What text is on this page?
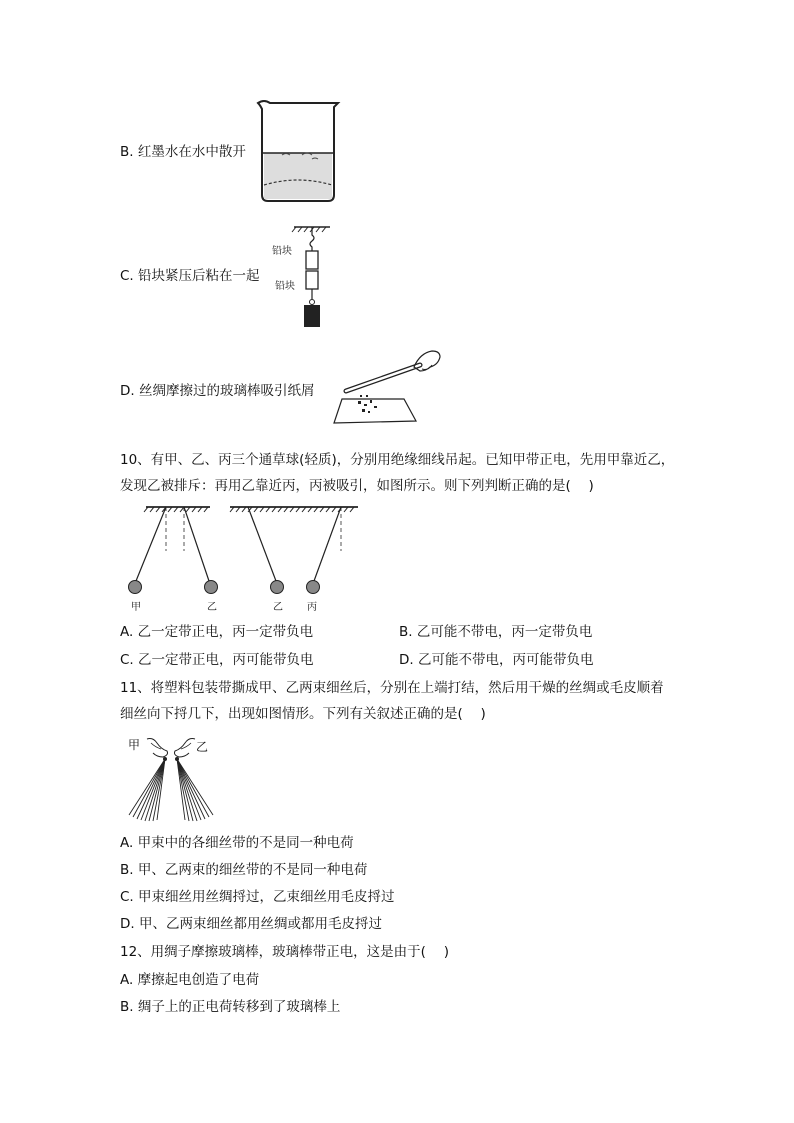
B. 红墨水在水中散开
铅块
铅块
C. 铅块紧压后粘在一起
D. 丝绸摩擦过的玻璃棒吸引纸屑
10、有甲、乙、丙三个通草球(轻质)，分别用绝缘细线吊起。已知甲带正电，先用甲靠近乙，
发现乙被排斥：再用乙靠近丙，丙被吸引，如图所示。则下列判断正确的是(　 )
甲	乙	乙 丙
A. 乙一定带正电，丙一定带负电	B. 乙可能不带电，丙一定带负电
C. 乙一定带正电，丙可能带负电	D. 乙可能不带电，丙可能带负电
11、将塑料包装带撕成甲、乙两束细丝后，分别在上端打结，然后用干燥的丝绸或毛皮顺着
细丝向下捋几下，出现如图情形。下列有关叙述正确的是(　 )
甲	乙
A. 甲束中的各细丝带的不是同一种电荷
B. 甲、乙两束的细丝带的不是同一种电荷
C. 甲束细丝用丝绸捋过，乙束细丝用毛皮捋过
D. 甲、乙两束细丝都用丝绸或都用毛皮捋过
12、用绸子摩擦玻璃棒，玻璃棒带正电，这是由于(　 )
A. 摩擦起电创造了电荷
B. 绸子上的正电荷转移到了玻璃棒上
